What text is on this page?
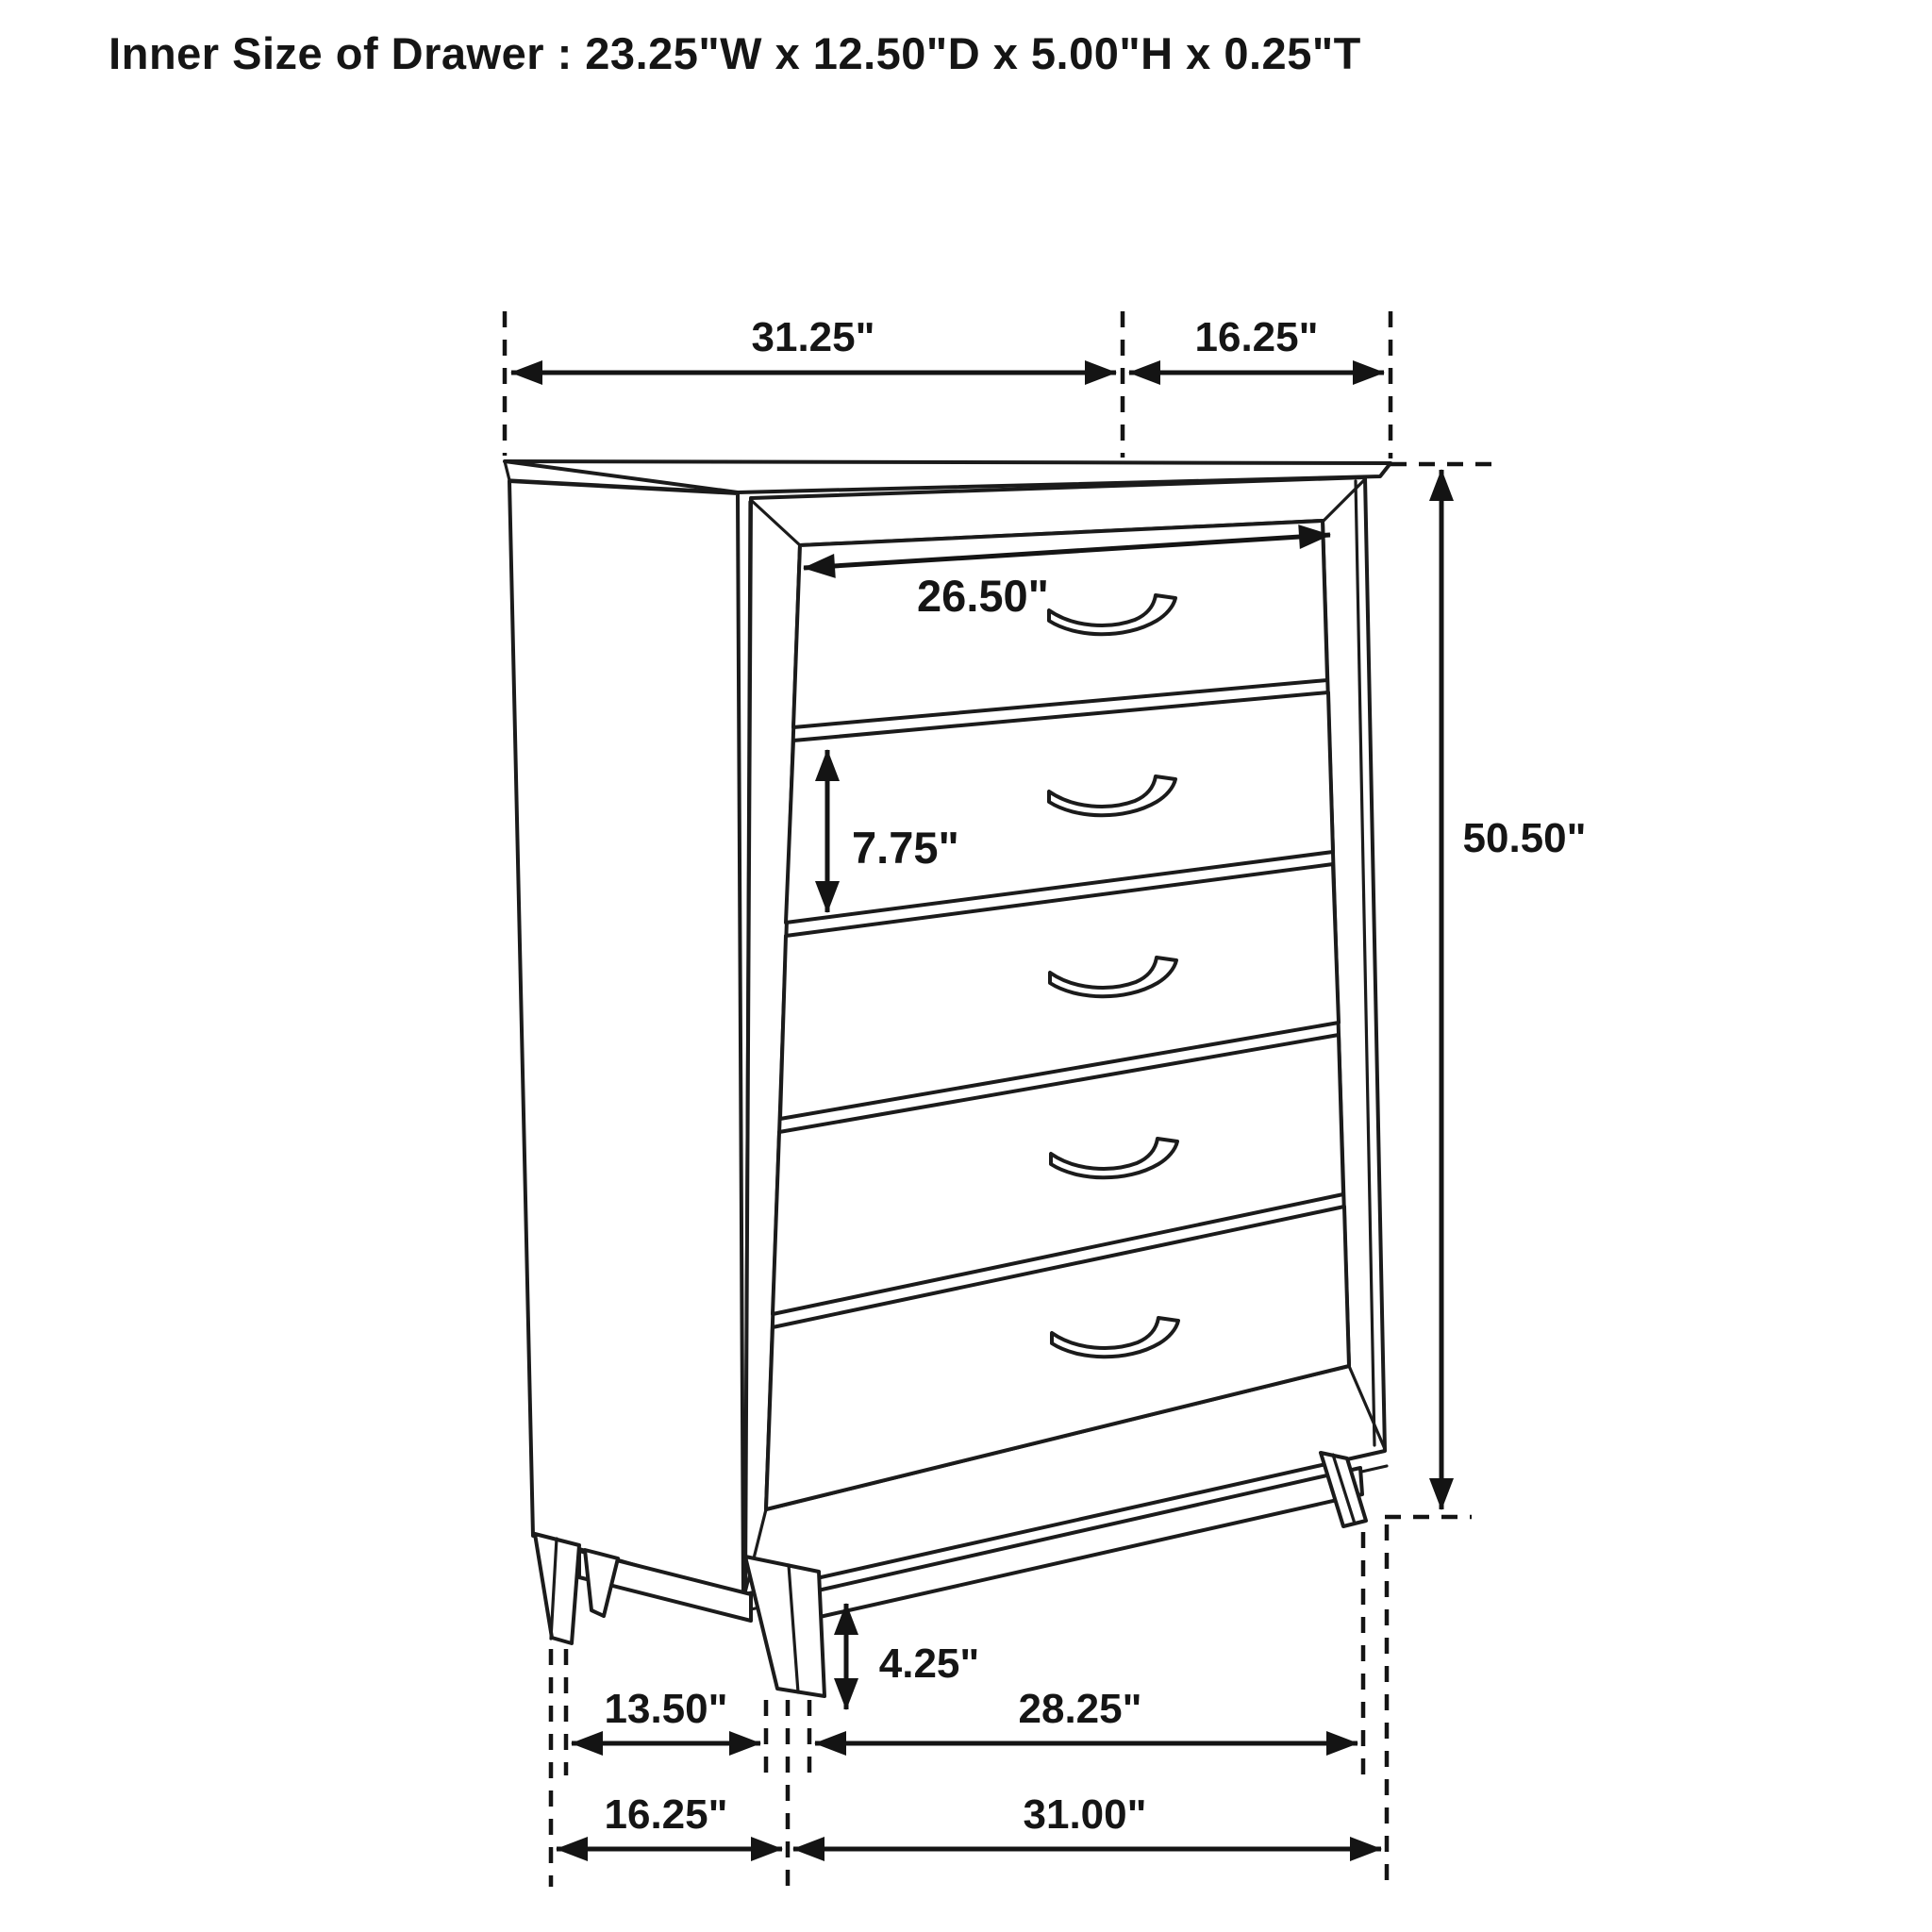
31.25"	16.25"
26.50"
7.75"	50.50"
4.25"
13.50"	28.25"
16.25"	31.00"
Inner Size of Drawer : 23.25"W x 12.50"D x 5.00"H x 0.25"T
